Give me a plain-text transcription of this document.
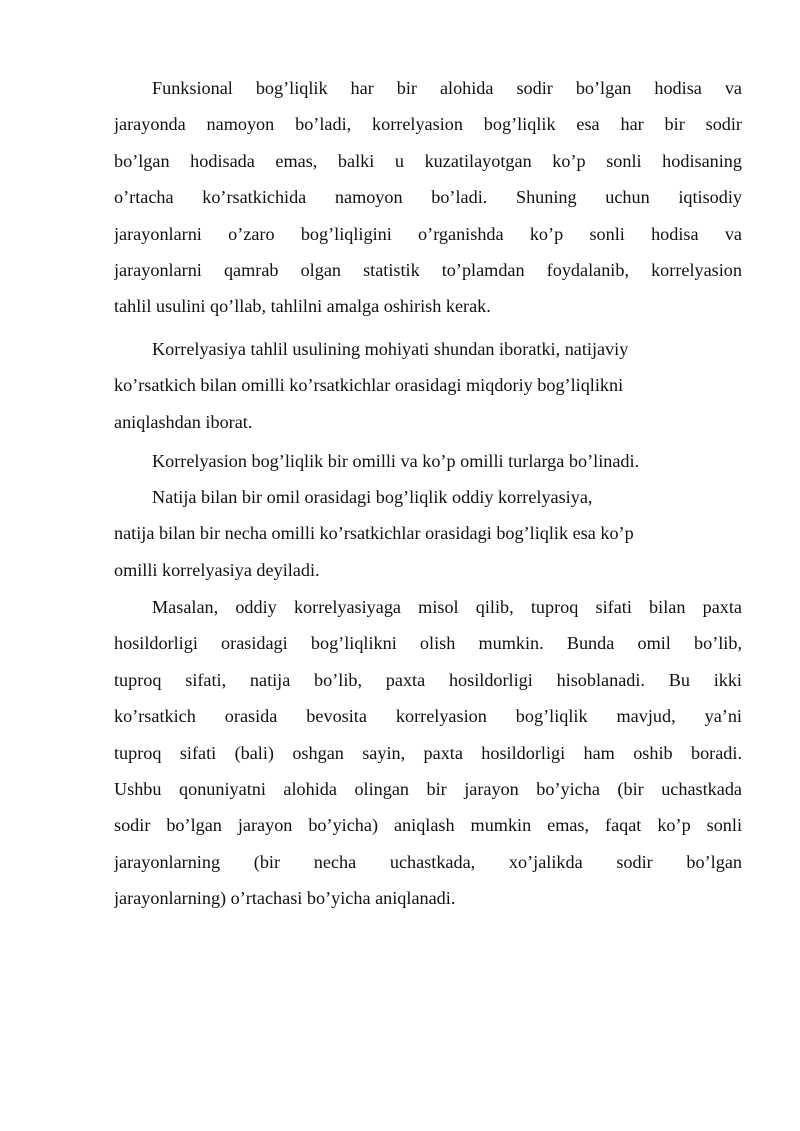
Funksional bog’liqlik har bir alohida sodir bo’lgan hodisa va
jarayonda namoyon bo’ladi, korrelyasion bog’liqlik esa har bir sodir
bo’lgan hodisada emas, balki u kuzatilayotgan ko’p sonli hodisaning
o’rtacha ko’rsatkichida namoyon bo’ladi. Shuning uchun iqtisodiy
jarayonlarni o’zaro bog’liqligini o’rganishda ko’p sonli hodisa va
jarayonlarni qamrab olgan statistik to’plamdan foydalanib, korrelyasion
tahlil usulini qo’llab, tahlilni amalga oshirish kerak.
Korrelyasiya tahlil usulining mohiyati shundan iboratki, natijaviy
ko’rsatkich bilan omilli ko’rsatkichlar orasidagi miqdoriy bog’liqlikni
aniqlashdan iborat.
Korrelyasion bog’liqlik bir omilli va ko’p omilli turlarga bo’linadi.
Natija bilan bir omil orasidagi bog’liqlik oddiy korrelyasiya,
natija bilan bir necha omilli ko’rsatkichlar orasidagi bog’liqlik esa ko’p
omilli korrelyasiya deyiladi.
Masalan, oddiy korrelyasiyaga misol qilib, tuproq sifati bilan paxta
hosildorligi orasidagi bog’liqlikni olish mumkin. Bunda omil bo’lib,
tuproq sifati, natija bo’lib, paxta hosildorligi hisoblanadi. Bu ikki
ko’rsatkich orasida bevosita korrelyasion bog’liqlik mavjud, ya’ni
tuproq sifati (bali) oshgan sayin, paxta hosildorligi ham oshib boradi.
Ushbu qonuniyatni alohida olingan bir jarayon bo’yicha (bir uchastkada
sodir bo’lgan jarayon bo’yicha) aniqlash mumkin emas, faqat ko’p sonli
jarayonlarning (bir necha uchastkada, xo’jalikda sodir bo’lgan
jarayonlarning) o’rtachasi bo’yicha aniqlanadi.
